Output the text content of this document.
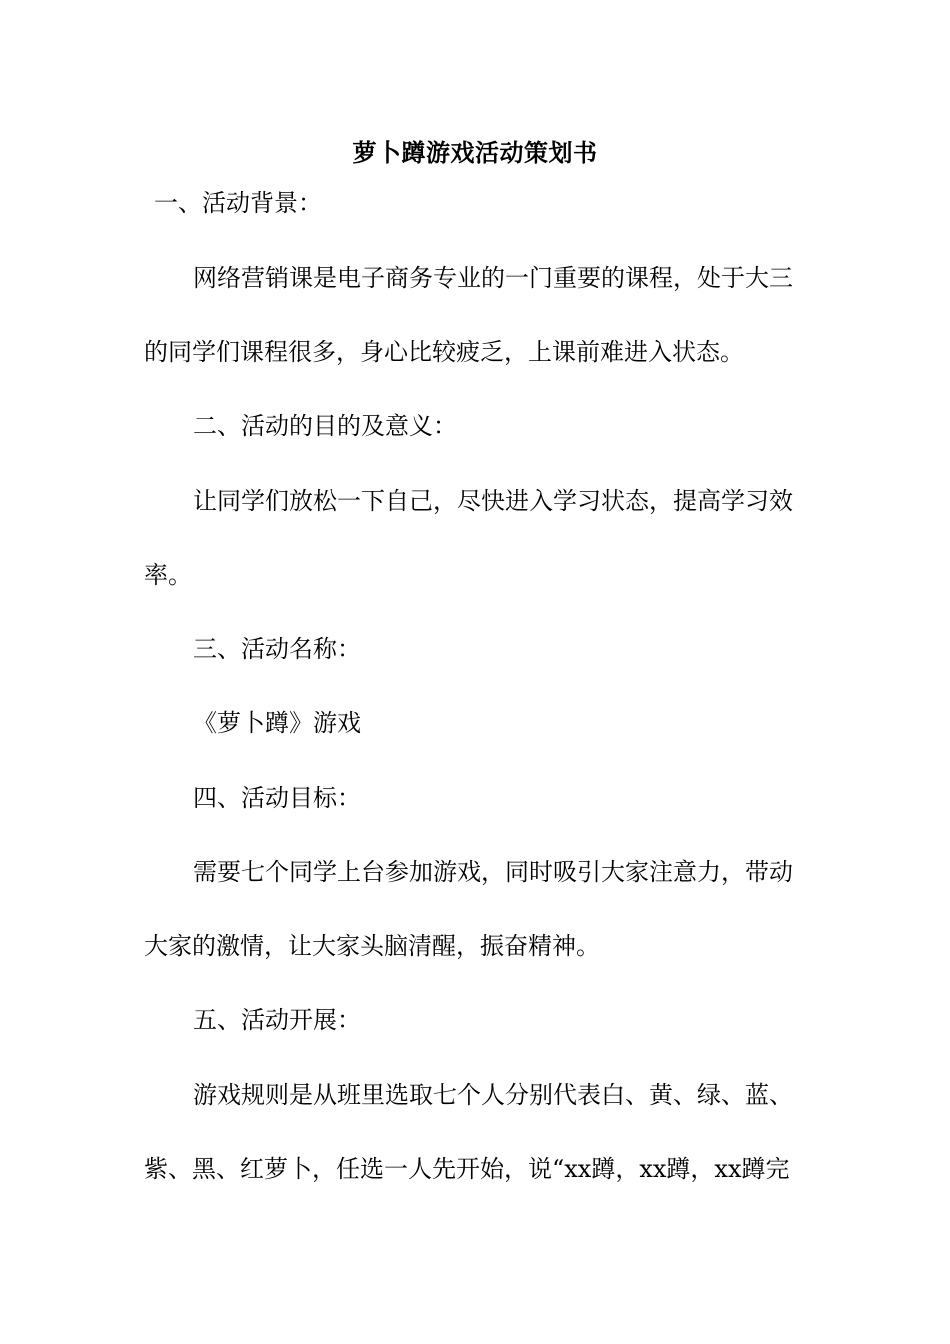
萝卜蹲游戏活动策划书
一、活动背景：
网络营销课是电子商务专业的一门重要的课程，处于大三
的同学们课程很多，身心比较疲乏，上课前难进入状态。
二、活动的目的及意义：
让同学们放松一下自己，尽快进入学习状态，提高学习效
率。
三、活动名称：
《萝卜蹲》游戏
四、活动目标：
需要七个同学上台参加游戏，同时吸引大家注意力，带动
大家的激情，让大家头脑清醒，振奋精神。
五、活动开展：
游戏规则是从班里选取七个人分别代表白、黄、绿、蓝、
紫、黑、红萝卜，任选一人先开始，说“xx蹲，xx蹲，xx蹲完
